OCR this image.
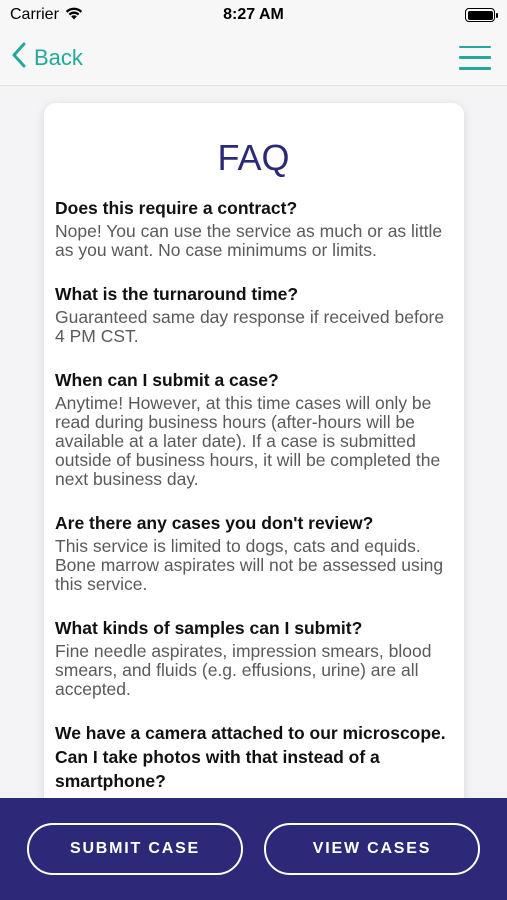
Carrier	8:27 AM
Back
FAQ
Does this require a contract?
Nope! You can use the service as much or as little as you want. No case minimums or limits.
What is the turnaround time?
Guaranteed same day response if received before 4 PM CST.
When can I submit a case?
Anytime! However, at this time cases will only be read during business hours (after-hours will be available at a later date). If a case is submitted outside of business hours, it will be completed the next business day.
Are there any cases you don't review?
This service is limited to dogs, cats and equids. Bone marrow aspirates will not be assessed using this service.
What kinds of samples can I submit?
Fine needle aspirates, impression smears, blood smears, and fluids (e.g. effusions, urine) are all accepted.
We have a camera attached to our microscope. Can I take photos with that instead of a smartphone?
SUBMIT CASE	VIEW CASES
